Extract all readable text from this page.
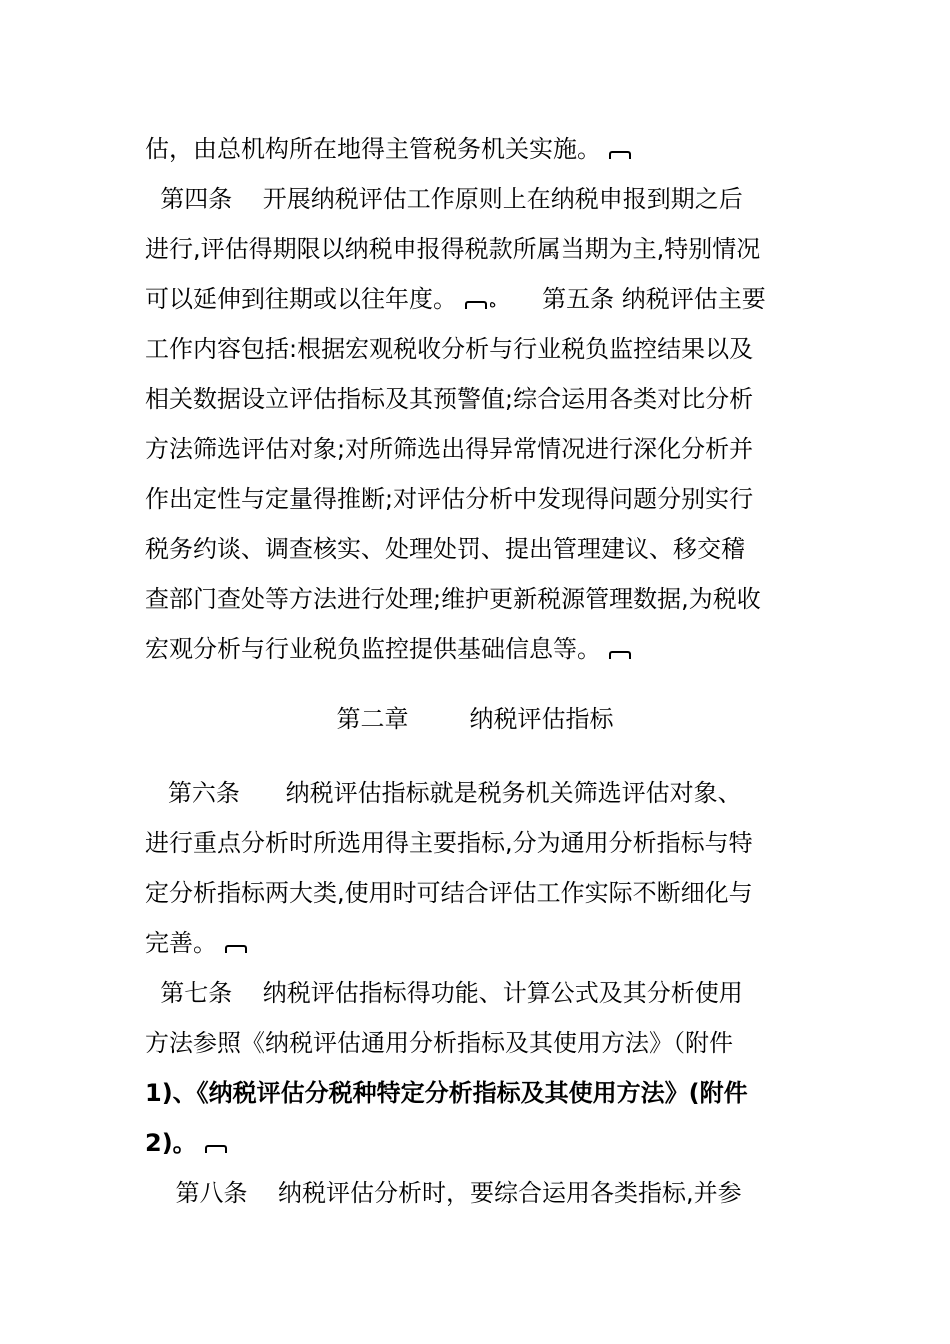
估，由总机构所在地得主管税务机关实施。
第四条    开展纳税评估工作原则上在纳税申报到期之后
进行,评估得期限以纳税申报得税款所属当期为主,特别情况
可以延伸到往期或以往年度。 ه      第五条 纳税评估主要
工作内容包括:根据宏观税收分析与行业税负监控结果以及
相关数据设立评估指标及其预警值;综合运用各类对比分析
方法筛选评估对象;对所筛选出得异常情况进行深化分析并
作出定性与定量得推断;对评估分析中发现得问题分别实行
税务约谈、调查核实、处理处罚、提出管理建议、移交稽
查部门查处等方法进行处理;维护更新税源管理数据,为税收
宏观分析与行业税负监控提供基础信息等。
第二章        纳税评估指标
第六条      纳税评估指标就是税务机关筛选评估对象、
进行重点分析时所选用得主要指标,分为通用分析指标与特
定分析指标两大类,使用时可结合评估工作实际不断细化与
完善。
第七条    纳税评估指标得功能、计算公式及其分析使用
方法参照《纳税评估通用分析指标及其使用方法》（附件
1)、《纳税评估分税种特定分析指标及其使用方法》(附件
2)。
第八条    纳税评估分析时，要综合运用各类指标,并参
